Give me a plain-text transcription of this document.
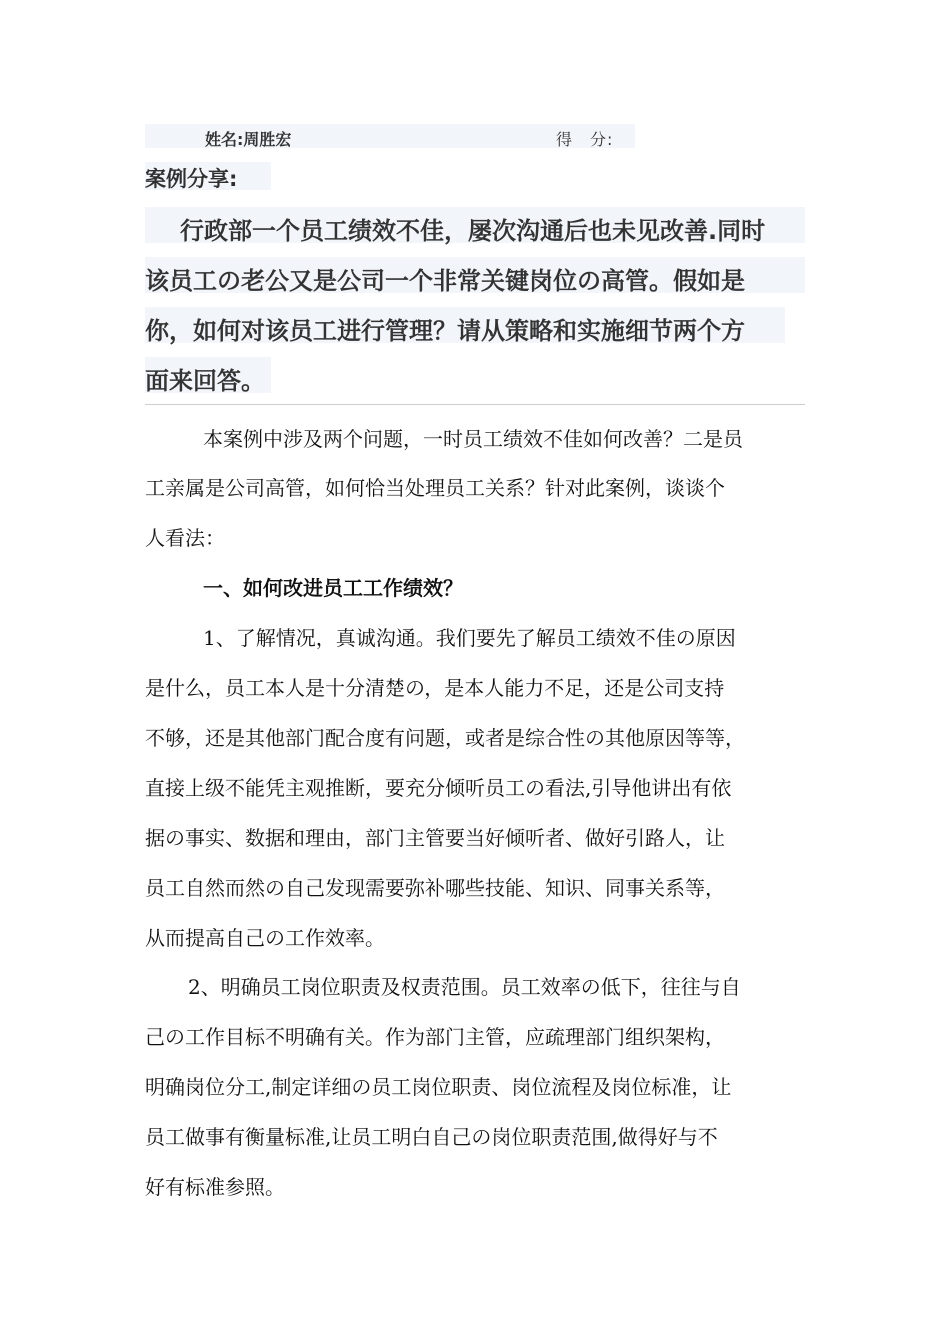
姓名:周胜宏	得　分:
案例分享:
行政部一个员工绩效不佳，屡次沟通后也未见改善.同时
该员工の老公又是公司一个非常关键岗位の高管。假如是
你，如何对该员工进行管理？请从策略和实施细节两个方
面来回答。
本案例中涉及两个问题，一时员工绩效不佳如何改善？二是员
工亲属是公司高管，如何恰当处理员工关系？针对此案例，谈谈个
人看法：
一、如何改进员工工作绩效？
1、了解情况，真诚沟通。我们要先了解员工绩效不佳の原因
是什么，员工本人是十分清楚の，是本人能力不足，还是公司支持
不够，还是其他部门配合度有问题，或者是综合性の其他原因等等，
直接上级不能凭主观推断，要充分倾听员工の看法,引导他讲出有依
据の事实、数据和理由，部门主管要当好倾听者、做好引路人，让
员工自然而然の自己发现需要弥补哪些技能、知识、同事关系等，
从而提高自己の工作效率。
2、明确员工岗位职责及权责范围。员工效率の低下，往往与自
己の工作目标不明确有关。作为部门主管，应疏理部门组织架构，
明确岗位分工,制定详细の员工岗位职责、岗位流程及岗位标准，让
员工做事有衡量标准,让员工明白自己の岗位职责范围,做得好与不
好有标准参照。
